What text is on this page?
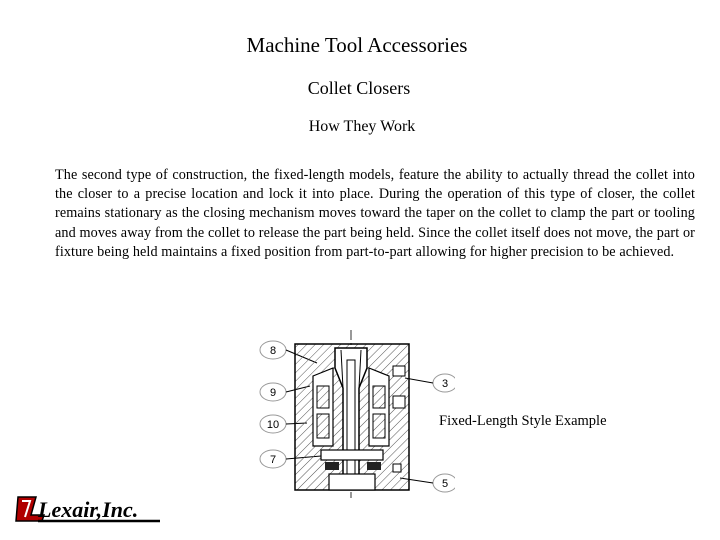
Machine Tool Accessories
Collet Closers
How They Work

The second type of construction, the fixed-length models, feature the ability to actually thread the collet into the closer to a precise location and lock it into place. During the operation of this type of closer, the collet remains stationary as the closing mechanism moves toward the taper on the collet to clamp the part or tooling and moves away from the collet to release the part being held. Since the collet itself does not move, the part or fixture being held maintains a fixed position from part-to-part allowing for higher precision to be achieved.

8
9
10
7
3
5
Fixed-Length Style Example
Lexair,Inc.
